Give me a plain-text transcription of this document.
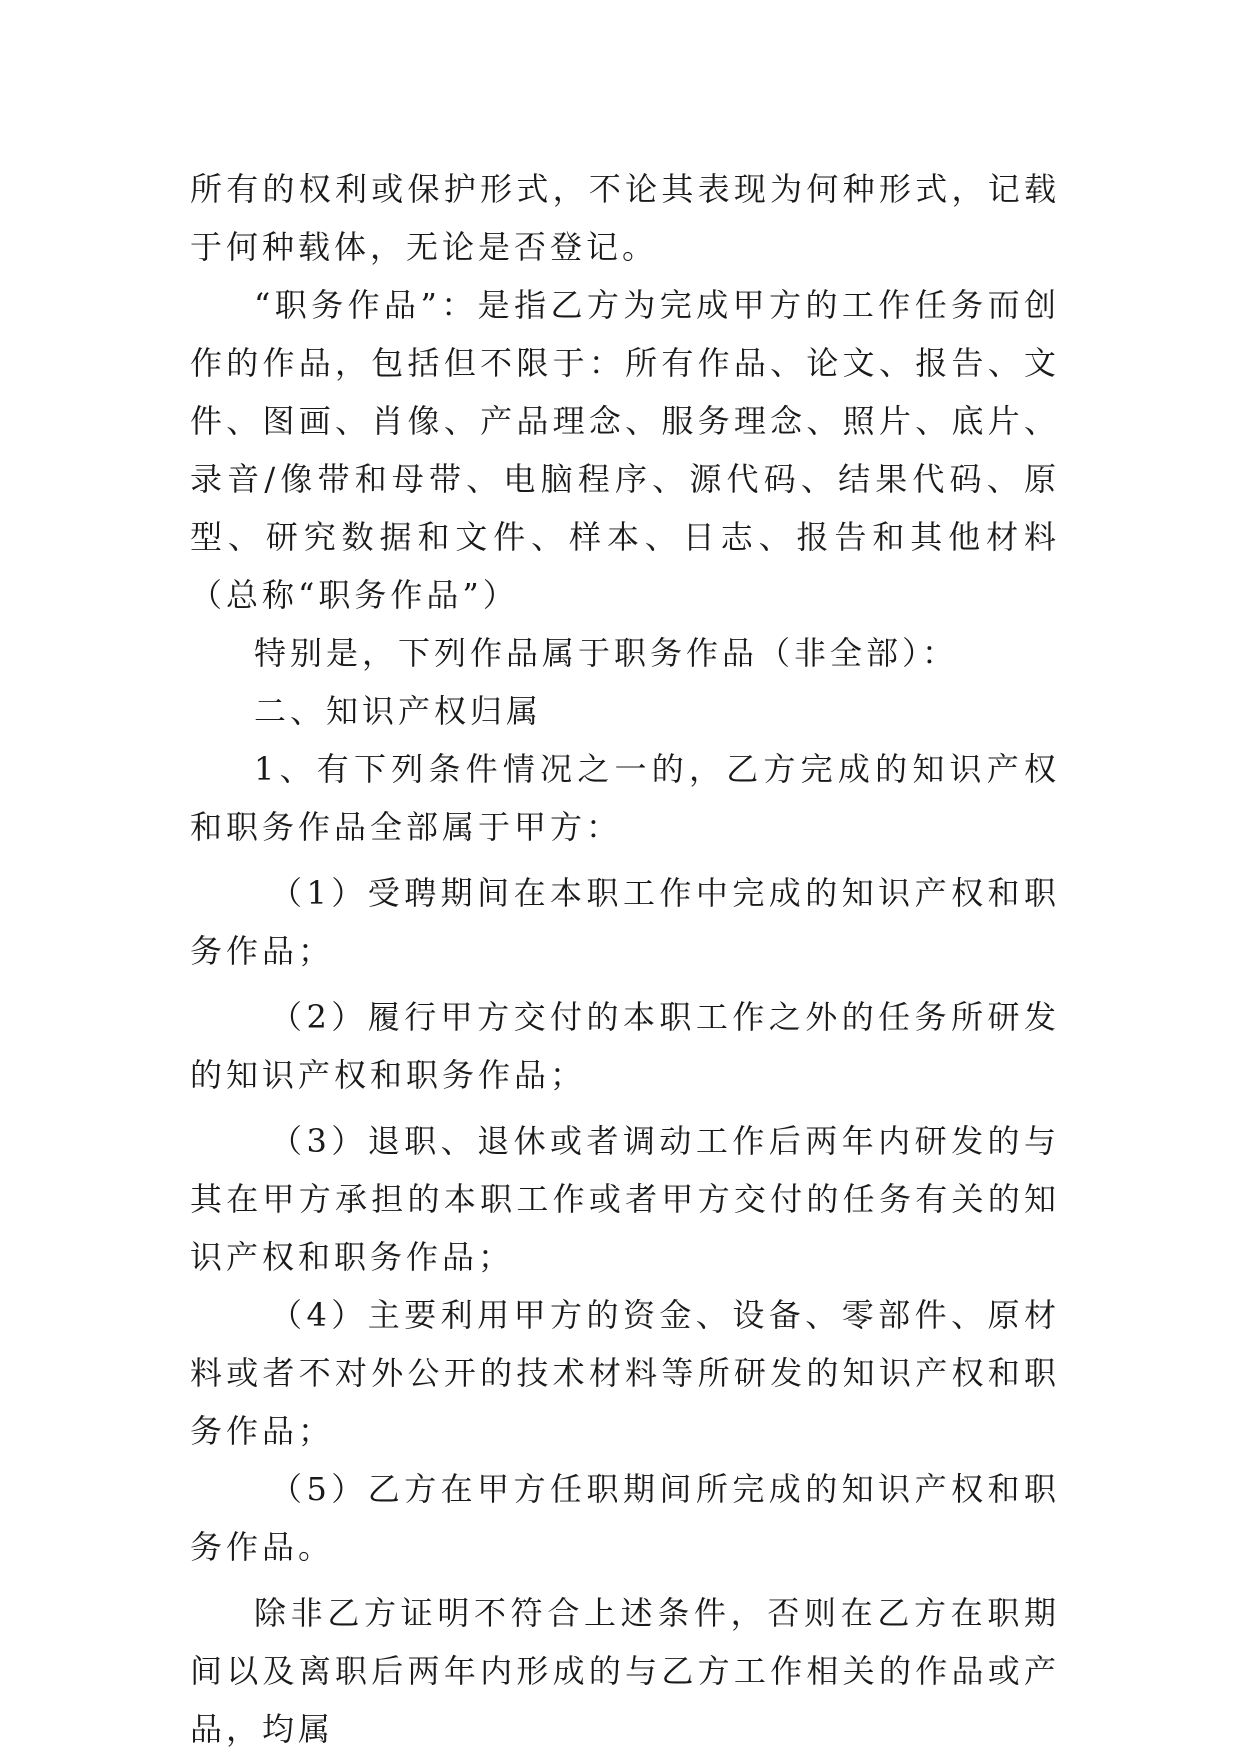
所有的权利或保护形式，不论其表现为何种形式，记载于何种载体，无论是否登记。

“职务作品”：是指乙方为完成甲方的工作任务而创作的作品，包括但不限于：所有作品、论文、报告、文件、图画、肖像、产品理念、服务理念、照片、底片、录音/像带和母带、电脑程序、源代码、结果代码、原型、研究数据和文件、样本、日志、报告和其他材料（总称“职务作品”）

特别是，下列作品属于职务作品（非全部）：

二、知识产权归属

1、有下列条件情况之一的，乙方完成的知识产权和职务作品全部属于甲方：

（1）受聘期间在本职工作中完成的知识产权和职务作品；

（2）履行甲方交付的本职工作之外的任务所研发的知识产权和职务作品；

（3）退职、退休或者调动工作后两年内研发的与其在甲方承担的本职工作或者甲方交付的任务有关的知识产权和职务作品；

（4）主要利用甲方的资金、设备、零部件、原材料或者不对外公开的技术材料等所研发的知识产权和职务作品；

（5）乙方在甲方任职期间所完成的知识产权和职务作品。

除非乙方证明不符合上述条件，否则在乙方在职期间以及离职后两年内形成的与乙方工作相关的作品或产品，均属
